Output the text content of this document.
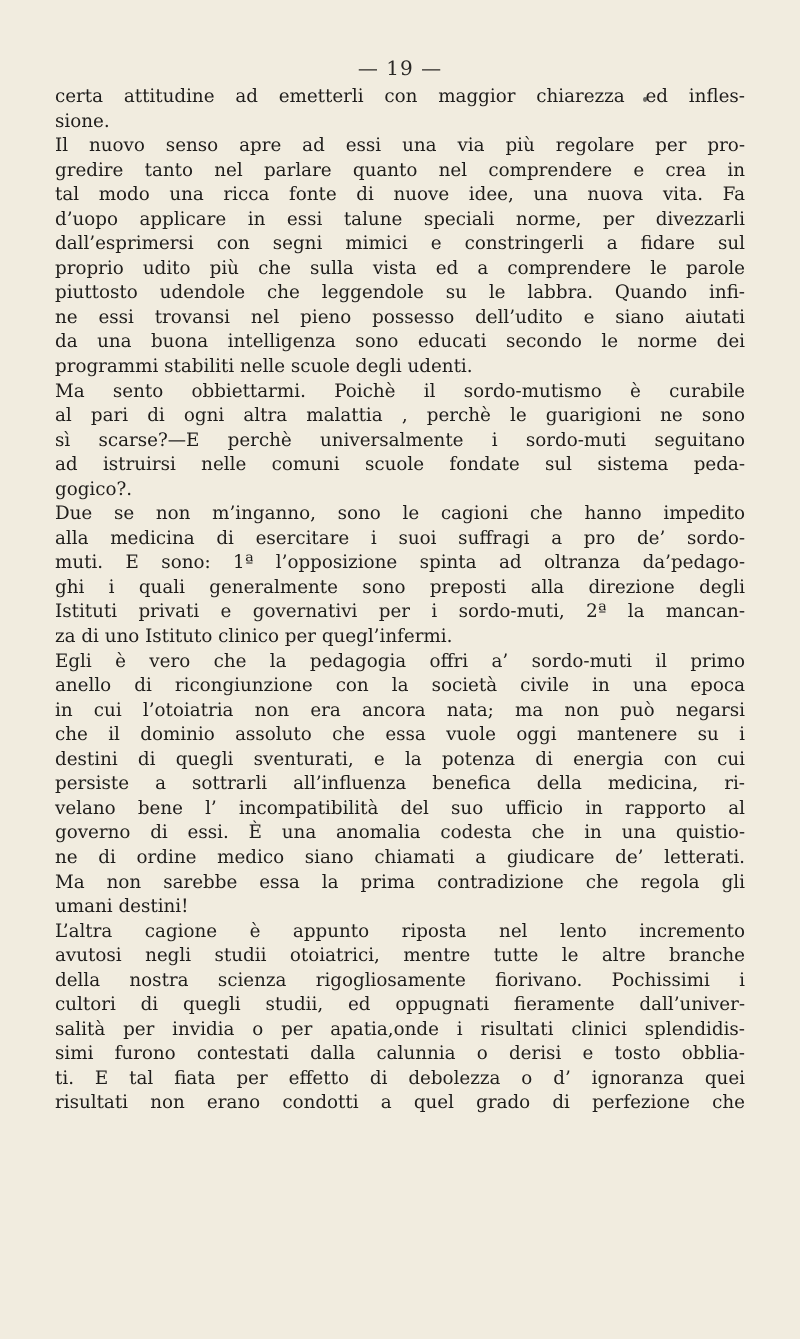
— 19 —
certa attitudine ad emetterli con maggior chiarezza ed infles-
sione.
Il nuovo senso apre ad essi una via più regolare per pro-
gredire tanto nel parlare quanto nel comprendere e crea in
tal modo una ricca fonte di nuove idee, una nuova vita. Fa
d’uopo applicare in essi talune speciali norme, per divezzarli
dall’esprimersi con segni mimici e constringerli a fidare sul
proprio udito più che sulla vista ed a comprendere le parole
piuttosto udendole che leggendole su le labbra. Quando infi-
ne essi trovansi nel pieno possesso dell’udito e siano aiutati
da una buona intelligenza sono educati secondo le norme dei
programmi stabiliti nelle scuole degli udenti.
Ma sento obbiettarmi. Poichè il sordo-mutismo è curabile
al pari di ogni altra malattia , perchè le guarigioni ne sono
sì scarse?—E perchè universalmente i sordo-muti seguitano
ad istruirsi nelle comuni scuole fondate sul sistema peda-
gogico?.
Due se non m’inganno, sono le cagioni che hanno impedito
alla medicina di esercitare i suoi suffragi a pro de’ sordo-
muti. E sono: 1ª l’opposizione spinta ad oltranza da’pedago-
ghi i quali generalmente sono preposti alla direzione degli
Istituti privati e governativi per i sordo-muti, 2ª la mancan-
za di uno Istituto clinico per quegl’infermi.
Egli è vero che la pedagogia offri a’ sordo-muti il primo
anello di ricongiunzione con la società civile in una epoca
in cui l’otoiatria non era ancora nata; ma non può negarsi
che il dominio assoluto che essa vuole oggi mantenere su i
destini di quegli sventurati, e la potenza di energia con cui
persiste a sottrarli all’influenza benefica della medicina, ri-
velano bene l’ incompatibilità del suo ufficio in rapporto al
governo di essi. È una anomalia codesta che in una quistio-
ne di ordine medico siano chiamati a giudicare de’ letterati.
Ma non sarebbe essa la prima contradizione che regola gli
umani destini!
L’altra cagione è appunto riposta nel lento incremento
avutosi negli studii otoiatrici, mentre tutte le altre branche
della nostra scienza rigogliosamente fiorivano. Pochissimi i
cultori di quegli studii, ed oppugnati fieramente dall’univer-
salità per invidia o per apatia,onde i risultati clinici splendidis-
simi furono contestati dalla calunnia o derisi e tosto obblia-
ti. E tal fiata per effetto di debolezza o d’ ignoranza quei
risultati non erano condotti a quel grado di perfezione che
